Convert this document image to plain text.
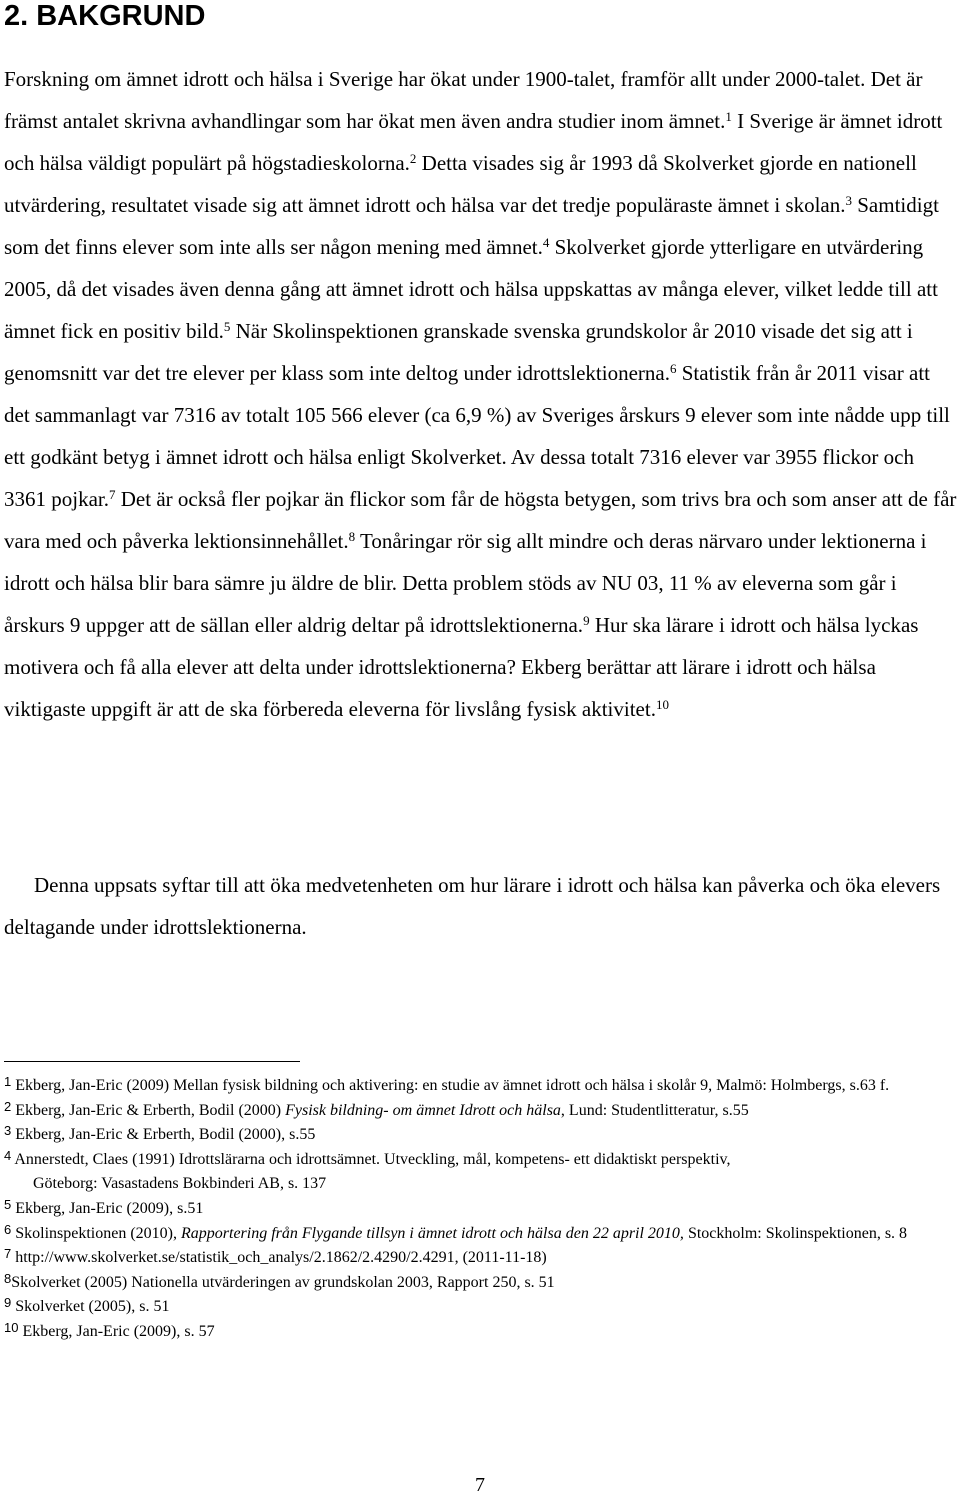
2. BAKGRUND

Forskning om ämnet idrott och hälsa i Sverige har ökat under 1900-talet, framför allt under 2000-talet. Det är främst antalet skrivna avhandlingar som har ökat men även andra studier inom ämnet.$^1$ I Sverige är ämnet idrott och hälsa väldigt populärt på högstadieskolorna.$^2$ Detta visades sig år 1993 då Skolverket gjorde en nationell utvärdering, resultatet visade sig att ämnet idrott och hälsa var det tredje populäraste ämnet i skolan.$^3$ Samtidigt som det finns elever som inte alls ser någon mening med ämnet.$^4$ Skolverket gjorde ytterligare en utvärdering 2005, då det visades även denna gång att ämnet idrott och hälsa uppskattas av många elever, vilket ledde till att ämnet fick en positiv bild.$^5$ När Skolinspektionen granskade svenska grundskolor år 2010 visade det sig att i genomsnitt var det tre elever per klass som inte deltog under idrottslektionerna.$^6$ Statistik från år 2011 visar att det sammanlagt var 7316 av totalt 105 566 elever (ca 6,9 %) av Sveriges årskurs 9 elever som inte nådde upp till ett godkänt betyg i ämnet idrott och hälsa enligt Skolverket. Av dessa totalt 7316 elever var 3955 flickor och 3361 pojkar.$^7$ Det är också fler pojkar än flickor som får de högsta betygen, som trivs bra och som anser att de får vara med och påverka lektionsinnehållet.$^8$ Tonåringar rör sig allt mindre och deras närvaro under lektionerna i idrott och hälsa blir bara sämre ju äldre de blir. Detta problem stöds av NU 03, 11 % av eleverna som går i årskurs 9 uppger att de sällan eller aldrig deltar på idrottslektionerna.$^9$ Hur ska lärare i idrott och hälsa lyckas motivera och få alla elever att delta under idrottslektionerna? Ekberg berättar att lärare i idrott och hälsa viktigaste uppgift är att de ska förbereda eleverna för livslång fysisk aktivitet.$^{10}$

Denna uppsats syftar till att öka medvetenheten om hur lärare i idrott och hälsa kan påverka och öka elevers deltagande under idrottslektionerna.

$^1$ Ekberg, Jan-Eric (2009) Mellan fysisk bildning och aktivering: en studie av ämnet idrott och hälsa i skolår 9, Malmö: Holmbergs, s.63 f.

$^2$ Ekberg, Jan-Eric & Erberth, Bodil (2000) Fysisk bildning- om ämnet Idrott och hälsa, Lund: Studentlitteratur, s.55

$^3$ Ekberg, Jan-Eric & Erberth, Bodil (2000), s.55

$^4$ Annerstedt, Claes (1991) Idrottslärarna och idrottsämnet. Utveckling, mål, kompetens- ett didaktiskt perspektiv,
Göteborg: Vasastadens Bokbinderi AB, s. 137

$^5$ Ekberg, Jan-Eric (2009), s.51

$^6$ Skolinspektionen (2010), Rapportering från Flygande tillsyn i ämnet idrott och hälsa den 22 april 2010, Stockholm: Skolinspektionen, s. 8

$^7$ http://www.skolverket.se/statistik_och_analys/2.1862/2.4290/2.4291, (2011-11-18)

$^8$Skolverket (2005) Nationella utvärderingen av grundskolan 2003, Rapport 250, s. 51

$^9$ Skolverket (2005), s. 51

$^{10}$ Ekberg, Jan-Eric (2009), s. 57

7
